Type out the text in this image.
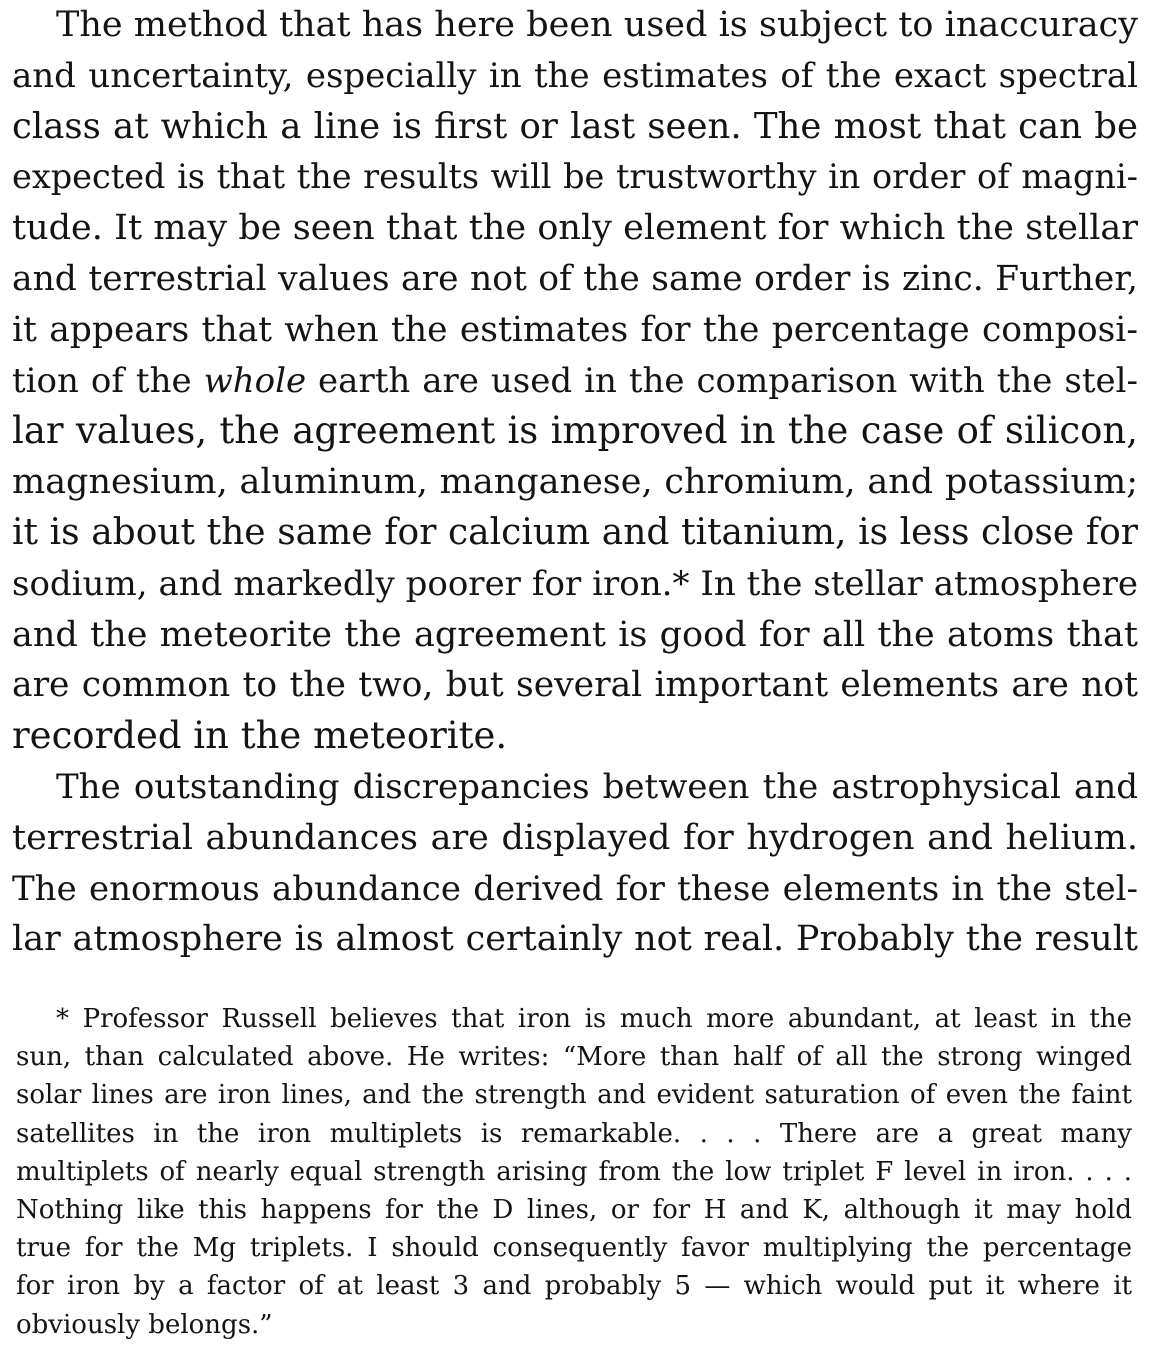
The method that has here been used is subject to inaccuracy
and uncertainty, especially in the estimates of the exact spectral
class at which a line is first or last seen. The most that can be
expected is that the results will be trustworthy in order of magni-
tude. It may be seen that the only element for which the stellar
and terrestrial values are not of the same order is zinc. Further,
it appears that when the estimates for the percentage composi-
tion of the whole earth are used in the comparison with the stel-
lar values, the agreement is improved in the case of silicon,
magnesium, aluminum, manganese, chromium, and potassium;
it is about the same for calcium and titanium, is less close for
sodium, and markedly poorer for iron.* In the stellar atmosphere
and the meteorite the agreement is good for all the atoms that
are common to the two, but several important elements are not
recorded in the meteorite.
The outstanding discrepancies between the astrophysical and
terrestrial abundances are displayed for hydrogen and helium.
The enormous abundance derived for these elements in the stel-
lar atmosphere is almost certainly not real. Probably the result
* Professor Russell believes that iron is much more abundant, at least in the
sun, than calculated above. He writes: “More than half of all the strong winged
solar lines are iron lines, and the strength and evident saturation of even the faint
satellites in the iron multiplets is remarkable. . . . There are a great many
multiplets of nearly equal strength arising from the low triplet F level in iron. . . .
Nothing like this happens for the D lines, or for H and K, although it may hold
true for the Mg triplets. I should consequently favor multiplying the percentage
for iron by a factor of at least 3 and probably 5 — which would put it where it
obviously belongs.”
